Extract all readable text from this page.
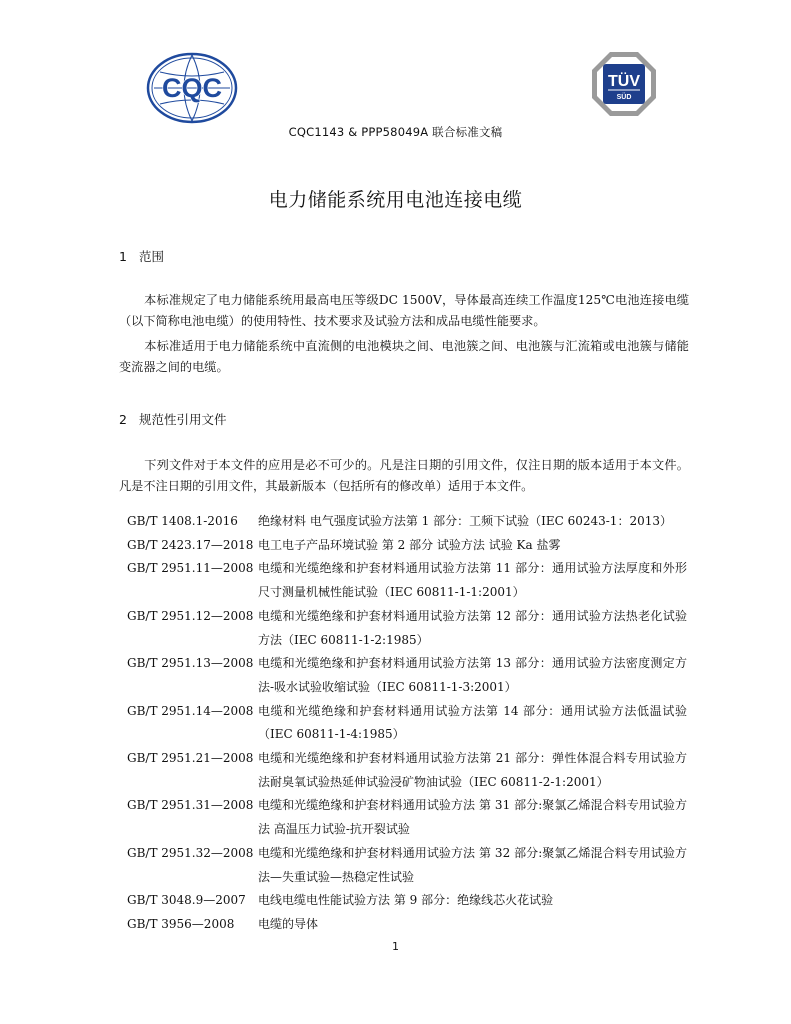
CQC	TÜV
SÜD
CQC1143 & PPP58049A 联合标准文稿
电力储能系统用电池连接电缆
1 范围

本标准规定了电力储能系统用最高电压等级DC 1500V，导体最高连续工作温度125℃电池连接电缆（以下简称电池电缆）的使用特性、技术要求及试验方法和成品电缆性能要求。

本标准适用于电力储能系统中直流侧的电池模块之间、电池簇之间、电池簇与汇流箱或电池簇与储能变流器之间的电缆。

2 规范性引用文件

下列文件对于本文件的应用是必不可少的。凡是注日期的引用文件，仅注日期的版本适用于本文件。凡是不注日期的引用文件，其最新版本（包括所有的修改单）适用于本文件。

GB/T 1408.1-2016	绝缘材料 电气强度试验方法第 1 部分：工频下试验（IEC 60243-1：2013）
GB/T 2423.17—2018 电工电子产品环境试验 第 2 部分 试验方法 试验 Ka 盐雾
GB/T 2951.11—2008 电缆和光缆绝缘和护套材料通用试验方法第 11 部分：通用试验方法厚度和外形尺寸测量机械性能试验（IEC 60811-1-1:2001）
GB/T 2951.12—2008 电缆和光缆绝缘和护套材料通用试验方法第 12 部分：通用试验方法热老化试验方法（IEC 60811-1-2:1985）
GB/T 2951.13—2008 电缆和光缆绝缘和护套材料通用试验方法第 13 部分：通用试验方法密度测定方法-吸水试验收缩试验（IEC 60811-1-3:2001）
GB/T 2951.14—2008 电缆和光缆绝缘和护套材料通用试验方法第 14 部分：通用试验方法低温试验（IEC 60811-1-4:1985）
GB/T 2951.21—2008 电缆和光缆绝缘和护套材料通用试验方法第 21 部分：弹性体混合料专用试验方法耐臭氧试验热延伸试验浸矿物油试验（IEC 60811-2-1:2001）
GB/T 2951.31—2008 电缆和光缆绝缘和护套材料通用试验方法 第 31 部分:聚氯乙烯混合料专用试验方法 高温压力试验-抗开裂试验
GB/T 2951.32—2008 电缆和光缆绝缘和护套材料通用试验方法 第 32 部分:聚氯乙烯混合料专用试验方法—失重试验—热稳定性试验
GB/T 3048.9—2007	电线电缆电性能试验方法 第 9 部分：绝缘线芯火花试验
GB/T 3956—2008	电缆的导体
1
